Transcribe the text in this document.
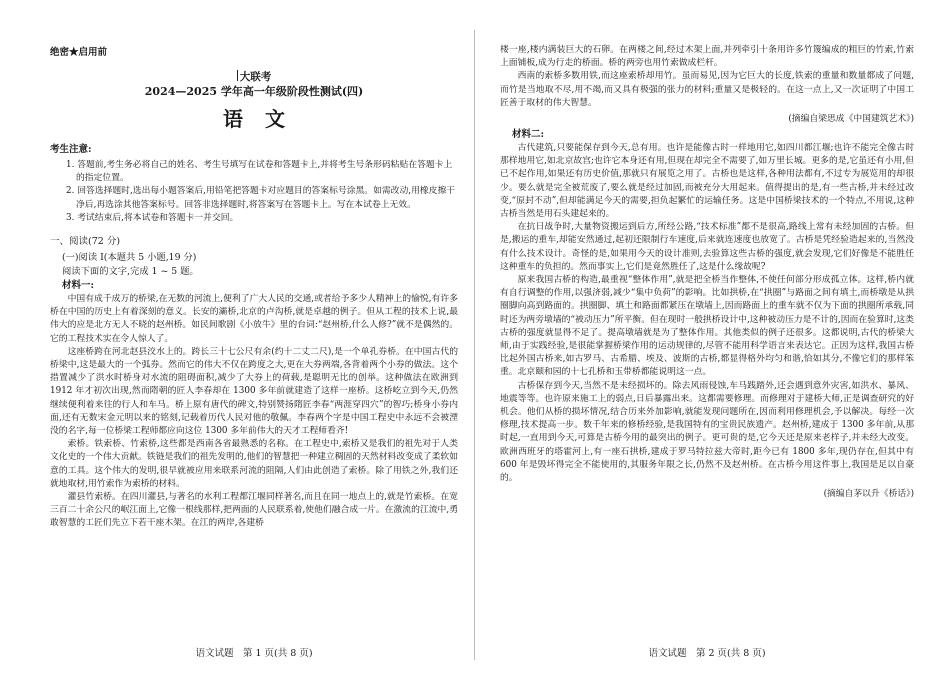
绝密★启用前

大联考

2024—2025 学年高一年级阶段性测试(四)

语文

考生注意:

1. 答题前,考生务必将自己的姓名、考生号填写在试卷和答题卡上,并将考生号条形码粘贴在答题卡上的指定位置。

2. 回答选择题时,选出每小题答案后,用铅笔把答题卡对应题目的答案标号涂黑。如需改动,用橡皮擦干净后,再选涂其他答案标号。回答非选择题时,将答案写在答题卡上。写在本试卷上无效。

3. 考试结束后,将本试卷和答题卡一并交回。

一、阅读(72 分)

(一)阅读 Ⅰ(本题共 5 小题,19 分)

阅读下面的文字,完成 1 ~ 5 题。

材料一:

中国有成千成万的桥梁,在无数的河流上,便利了广大人民的交通,或者给予多少人精神上的愉悦,有许多桥在中国的历史上有着深刻的意义。长安的灞桥,北京的卢沟桥,就是卓越的例子。但从工程的技术上说,最伟大的应是北方无人不晓的赵州桥。如民间歌剧《小放牛》里的台词:“赵州桥,什么人修?”就不是偶然的。它的工程技术实在令人惊人了。

这座桥跨在河北赵县洨水上的。跨长三十七公尺有余(约十二丈二尺),是一个单孔券桥。在中国古代的桥梁中,这是最大的一个弧券。然而它的伟大不仅在跨度之大,更在大券两端,各背着两个小券的做法。这个措置减少了洪水时桥身对水流的阻碍面积,减少了大券上的荷载,是聪明无比的创举。这种做法在欧洲到 1912 年才初次出现,然而隋朝的匠人李春却在 1300 多年前就建造了这样一座桥。这桥屹立到今天,仍然继续便利着来往的行人和车马。桥上原有唐代的碑文,特别赞扬隋匠李春“两涯穿四穴”的智巧;桥身小券内面,还有无数宋金元明以来的铭刻,记载着历代人民对他的敬佩。李春两个字是中国工程史中永远不会被湮没的名字,每一位桥梁工程师都应向这位 1300 多年前伟大的天才工程师看齐!

索桥。铁索桥、竹索桥,这些都是西南各省最熟悉的名称。在工程史中,索桥又是我们的祖先对于人类文化史的一个伟大贡献。铁链是我们的祖先发明的,他们的智慧把一种建立稠固的天然材料改变成了柔软如意的工具。这个伟大的发明,很早就被应用来联系河流的阻隔,人们由此创造了索桥。除了用铁之外,我们还就地取材,用竹索作为索桥的材料。

灌县竹索桥。在四川灌县,与著名的水利工程都江堰同样著名,而且在同一地点上的,就是竹索桥。在宽三百二十余公尺的岷江面上,它像一根线那样,把两面的人民联系着,使他们融合成一片。在激流的江流中,勇敢智慧的工匠们先立下若干座木架。在江的两岸,各建桥

语文试题　第 1 页(共 8 页)

楼一座,楼内满装巨大的石卵。在两楼之间,经过木架上面,并列牵引十条用许多竹篾编成的粗巨的竹索,竹索上面铺板,成为行走的桥面。桥的两旁也用竹索做成栏杆。

西南的索桥多数用铁,而这座索桥却用竹。虽而易见,因为它巨大的长度,铁索的重量和数量都成了问题,而竹是当地取不尽,用不竭,而又具有极强的张力的材料;重量又是极轻的。在这一点上,又一次证明了中国工匠善于取材的伟大智慧。

(摘编自梁思成《中国建筑艺术》)

材料二:

古代建筑,只要能保存到今天,总有用。也许是能像古时一样地用它,如四川都江堰;也许不能完全像古时那样地用它,如北京故宫;也许它本身还有用,但现在却完全不需要了,如万里长城。更多的是,它虽还有小用,但已不起作用,如果还有历史价值,那就只有展览之用了。古桥也是这样,各种用法都有,不过专为展览用的却很少。要么就是完全被荒废了,要么就是经过加固,而被充分大用起来。值得提出的是,有一些古桥,并未经过改变,“原封不动”,但却能满足今天的需要,担负起繁忙的运输任务。这是中国桥梁技术的一个特点,不用说,这种古桥当然是用石头建起来的。

在抗日战争时,大量物资搬运到后方,所经公路,“技术标准”都不是很高,路线上常有未经加固的古桥。但是,搬运的重车,却能安然通过,起初还限制行车速度,后来就连速度也放宽了。古桥是凭经验造起来的,当然没有什么技术设计。奇怪的是,如果用今天的设计准则,去验算这些古桥的强度,就会发现,它们好像是不能胜任这种重车的负担的。然而事实上,它们是竟然胜任了,这是什么缘故呢?

原来我国古桥的构造,最重视“整体作用”,就是把全桥当作整体,不使任何部分形成孤立体。这样,桥内就有自行调整的作用,以强济弱,减少“集中负荷”的影响。比如拱桥,在“拱圈”与路面之间有填土,而桥墩是从拱圈脚向高到路面的。拱圈脚、填土和路面都紧压在墩墙上,因而路面上的重车就不仅为下面的拱圈所承载,同时还为两旁墩墙的“被动压力”所平衡。但在现时一般拱桥设计中,这种被动压力是不计的,因而在验算时,这类古桥的强度就显得不足了。提高墩墙就是为了整体作用。其他类似的例子还很多。这都说明,古代的桥梁大师,由于实践经验,是很能掌握桥梁作用的运动规律的,尽管不能用科学语言来表达它。正因为这样,我国古桥比起外国古桥来,如古罗马、古希腊、埃及、波斯的古桥,都显得格外均匀和谐,恰如其分,不像它们的那样笨重。北京颐和园的十七孔桥和玉带桥都能说明这一点。

古桥保存到今天,当然不是未经损坏的。除去风雨侵蚀,车马践踏外,还会遇到意外灾害,如洪水、暴风、地震等等。也许原来施工上的弱点,日后暴露出来。这都需要修理。而修理对于建桥大师,正是调查研究的好机会。他们从桥的损坏情况,结合历来外加影响,就能发现问题所在,因而利用修理机会,予以解决。每经一次修理,技术提高一步。数千年来的修桥经验,是我国特有的宝贵民族遗产。赵州桥,建成于 1300 多年前,从那时起,一直用到今天,可算是古桥今用的最突出的例子。更可贵的是,它今天还是原来老样子,并未经大改变。欧洲西班牙的塔霍河上,有一座石拱桥,建成于罗马特拉兹大帝时,距今已有 1800 多年,现仍存在,但其中有 600 年是毁坏得完全不能使用的,其服务年限之长,仍然不及赵州桥。在古桥今用这件事上,我国是足以自豪的。

(摘编自茅以升《桥话》)

语文试题　第 2 页(共 8 页)
